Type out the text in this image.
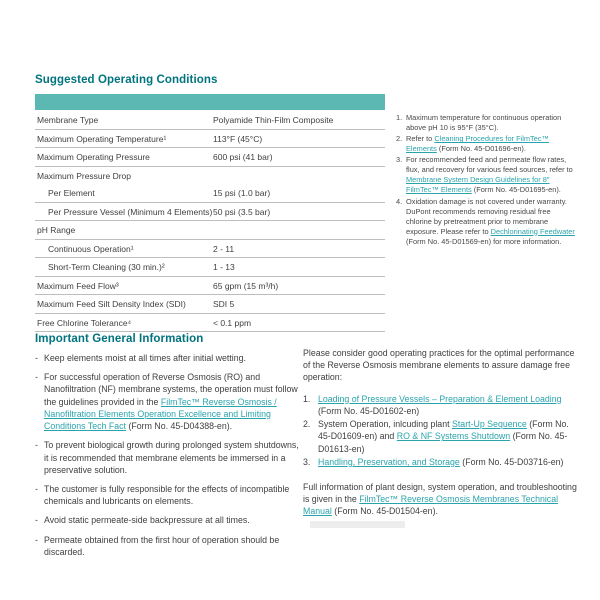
Suggested Operating Conditions
Membrane Type	Polyamide Thin-Film Composite
Maximum Operating Temperature¹	113°F (45°C)
Maximum Operating Pressure	600 psi (41 bar)
Maximum Pressure Drop
Per Element	15 psi (1.0 bar)
Per Pressure Vessel (Minimum 4 Elements) 50 psi (3.5 bar)
pH Range
Continuous Operation¹	2 - 11
Short-Term Cleaning (30 min.)²	1 - 13
Maximum Feed Flow³	65 gpm (15 m³/h)
Maximum Feed Silt Density Index (SDI)	SDI 5
Free Chlorine Tolerance⁴	< 0.1 ppm
1. Maximum temperature for continuous operation above pH 10 is 95°F (35°C).
2. Refer to Cleaning Procedures for FilmTec™ Elements (Form No. 45-D01696-en).
3. For recommended feed and permeate flow rates, flux, and recovery for various feed sources, refer to Membrane System Design Guidelines for 8″ FilmTec™ Elements (Form No. 45-D01695-en).
4. Oxidation damage is not covered under warranty. DuPont recommends removing residual free chlorine by pretreatment prior to membrane exposure. Please refer to Dechlorinating Feedwater (Form No. 45-D01569-en) for more information.
Important General Information
- Keep elements moist at all times after initial wetting.
- For successful operation of Reverse Osmosis (RO) and Nanofiltration (NF) membrane systems, the operation must follow the guidelines provided in the FilmTec™ Reverse Osmosis / Nanofiltration Elements Operation Excellence and Limiting Conditions Tech Fact (Form No. 45-D04388-en).
- To prevent biological growth during prolonged system shutdowns, it is recommended that membrane elements be immersed in a preservative solution.
- The customer is fully responsible for the effects of incompatible chemicals and lubricants on elements.
- Avoid static permeate-side backpressure at all times.
- Permeate obtained from the first hour of operation should be discarded.
Please consider good operating practices for the optimal performance of the Reverse Osmosis membrane elements to assure damage free operation:
1. Loading of Pressure Vessels – Preparation & Element Loading (Form No. 45-D01602-en)
2. System Operation, inlcuding plant Start-Up Sequence (Form No. 45-D01609-en) and RO & NF Systems Shutdown (Form No. 45-D01613-en)
3. Handling, Preservation, and Storage (Form No. 45-D03716-en)
Full information of plant design, system operation, and troubleshooting is given in the FilmTec™ Reverse Osmosis Membranes Technical Manual (Form No. 45-D01504-en).
